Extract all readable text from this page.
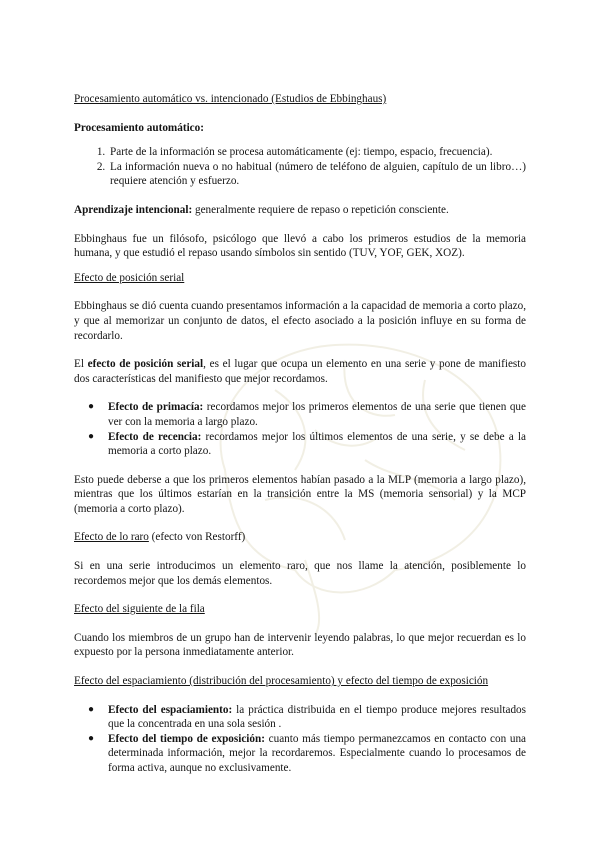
Procesamiento automático vs. intencionado (Estudios de Ebbinghaus)

Procesamiento automático:

1. Parte de la información se procesa automáticamente (ej: tiempo, espacio, frecuencia).
2. La información nueva o no habitual (número de teléfono de alguien, capítulo de un libro…) requiere atención y esfuerzo.

Aprendizaje intencional: generalmente requiere de repaso o repetición consciente.

Ebbinghaus fue un filósofo, psicólogo que llevó a cabo los primeros estudios de la memoria humana, y que estudió el repaso usando símbolos sin sentido (TUV, YOF, GEK, XOZ).

Efecto de posición serial

Ebbinghaus se dió cuenta cuando presentamos información a la capacidad de memoria a corto plazo, y que al memorizar un conjunto de datos, el efecto asociado a la posición influye en su forma de recordarlo.

El efecto de posición serial, es el lugar que ocupa un elemento en una serie y pone de manifiesto dos características del manifiesto que mejor recordamos.

● Efecto de primacía: recordamos mejor los primeros elementos de una serie que tienen que ver con la memoria a largo plazo.
● Efecto de recencia: recordamos mejor los últimos elementos de una serie, y se debe a la memoria a corto plazo.

Esto puede deberse a que los primeros elementos habían pasado a la MLP (memoria a largo plazo), mientras que los últimos estarían en la transición entre la MS (memoria sensorial) y la MCP (memoria a corto plazo).

Efecto de lo raro (efecto von Restorff)

Si en una serie introducimos un elemento raro, que nos llame la atención, posiblemente lo recordemos mejor que los demás elementos.

Efecto del siguiente de la fila

Cuando los miembros de un grupo han de intervenir leyendo palabras, lo que mejor recuerdan es lo expuesto por la persona inmediatamente anterior.

Efecto del espaciamiento (distribución del procesamiento) y efecto del tiempo de exposición

● Efecto del espaciamiento: la práctica distribuida en el tiempo produce mejores resultados que la concentrada en una sola sesión .
● Efecto del tiempo de exposición: cuanto más tiempo permanezcamos en contacto con una determinada información, mejor la recordaremos. Especialmente cuando lo procesamos de forma activa, aunque no exclusivamente.
